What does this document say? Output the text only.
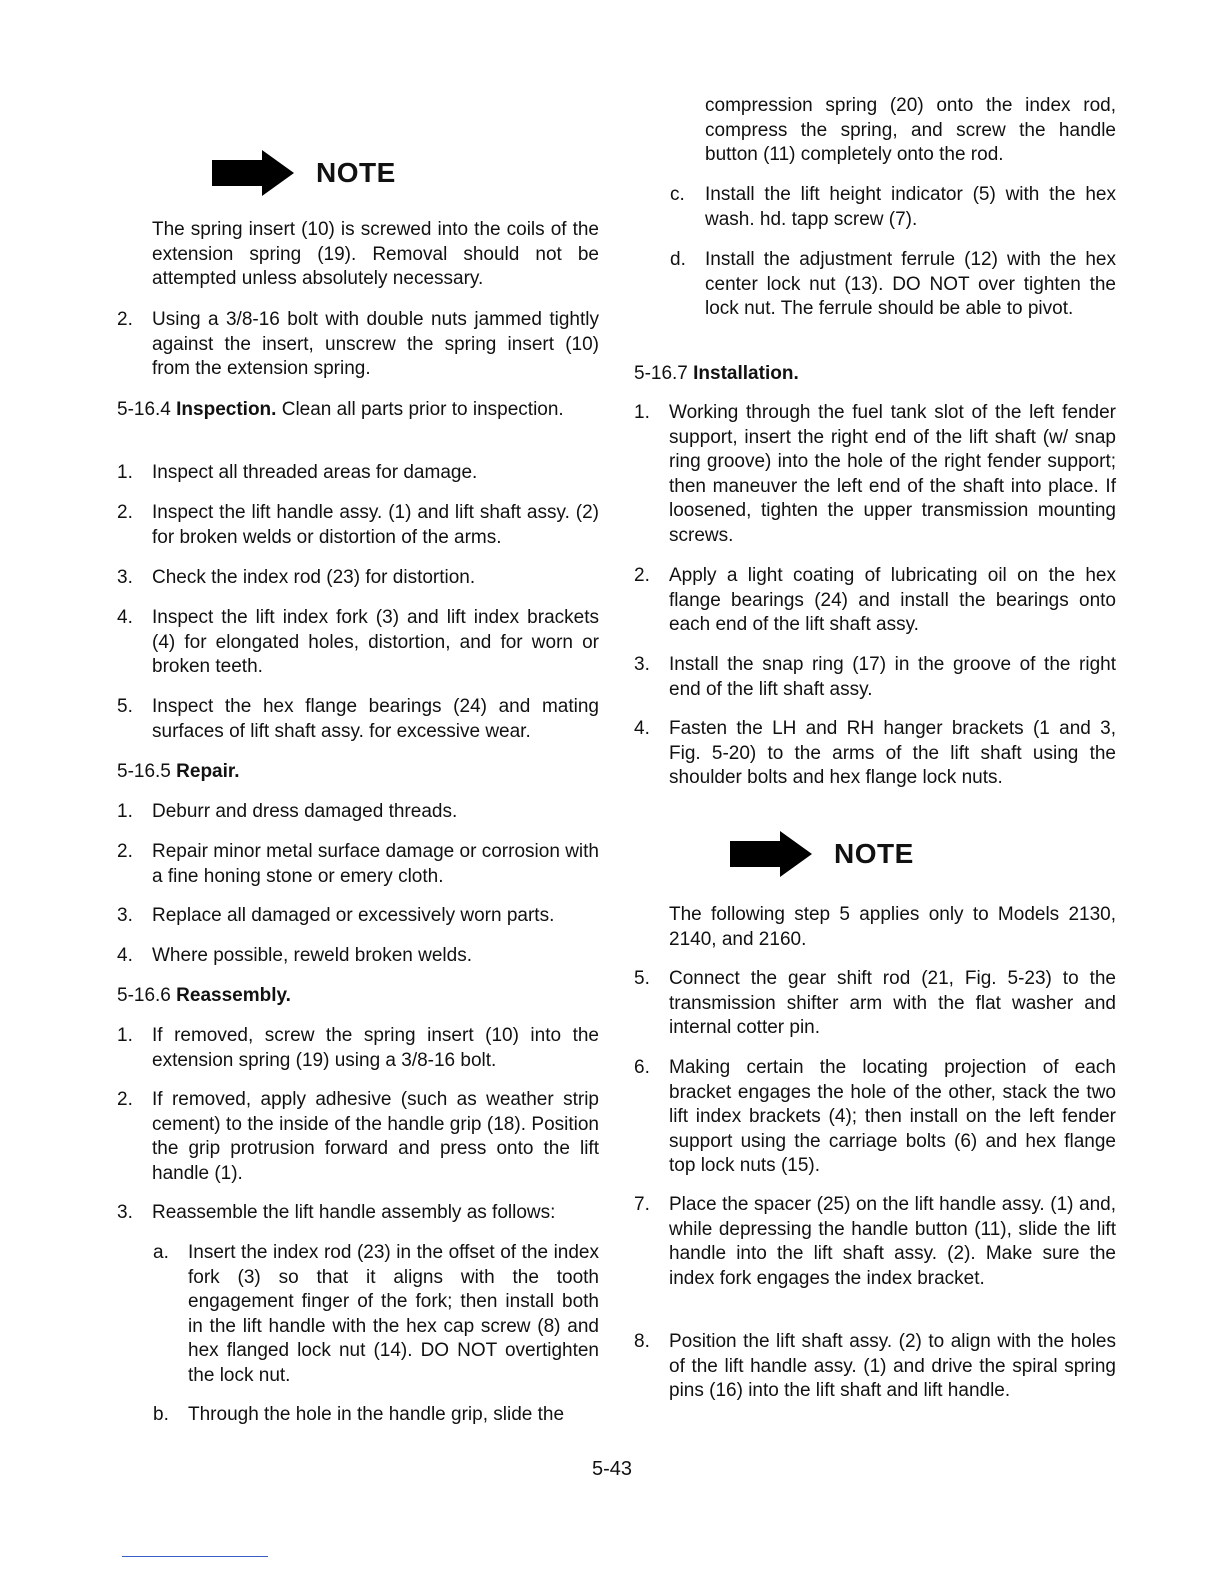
NOTE
The spring insert (10) is screwed into the coils of the extension spring (19). Removal should not be attempted unless absolutely necessary.
2. Using a 3/8-16 bolt with double nuts jammed tightly against the insert, unscrew the spring insert (10) from the extension spring.
5-16.4 Inspection. Clean all parts prior to inspection.
1. Inspect all threaded areas for damage.
2. Inspect the lift handle assy. (1) and lift shaft assy. (2) for broken welds or distortion of the arms.
3. Check the index rod (23) for distortion.
4. Inspect the lift index fork (3) and lift index brackets (4) for elongated holes, distortion, and for worn or broken teeth.
5. Inspect the hex flange bearings (24) and mating surfaces of lift shaft assy. for excessive wear.
5-16.5 Repair.
1. Deburr and dress damaged threads.
2. Repair minor metal surface damage or corrosion with a fine honing stone or emery cloth.
3. Replace all damaged or excessively worn parts.
4. Where possible, reweld broken welds.
5-16.6 Reassembly.
1. If removed, screw the spring insert (10) into the extension spring (19) using a 3/8-16 bolt.
2. If removed, apply adhesive (such as weather strip cement) to the inside of the handle grip (18). Position the grip protrusion forward and press onto the lift handle (1).
3. Reassemble the lift handle assembly as follows:
a. Insert the index rod (23) in the offset of the index fork (3) so that it aligns with the tooth engagement finger of the fork; then install both in the lift handle with the hex cap screw (8) and hex flanged lock nut (14). DO NOT overtighten the lock nut.
b. Through the hole in the handle grip, slide the
compression spring (20) onto the index rod, compress the spring, and screw the handle button (11) completely onto the rod.
c. Install the lift height indicator (5) with the hex wash. hd. tapp screw (7).
d. Install the adjustment ferrule (12) with the hex center lock nut (13). DO NOT over tighten the lock nut. The ferrule should be able to pivot.
5-16.7 Installation.
1. Working through the fuel tank slot of the left fender support, insert the right end of the lift shaft (w/ snap ring groove) into the hole of the right fender support; then maneuver the left end of the shaft into place. If loosened, tighten the upper transmission mounting screws.
2. Apply a light coating of lubricating oil on the hex flange bearings (24) and install the bearings onto each end of the lift shaft assy.
3. Install the snap ring (17) in the groove of the right end of the lift shaft assy.
4. Fasten the LH and RH hanger brackets (1 and 3, Fig. 5-20) to the arms of the lift shaft using the shoulder bolts and hex flange lock nuts.
NOTE
The following step 5 applies only to Models 2130, 2140, and 2160.
5. Connect the gear shift rod (21, Fig. 5-23) to the transmission shifter arm with the flat washer and internal cotter pin.
6. Making certain the locating projection of each bracket engages the hole of the other, stack the two lift index brackets (4); then install on the left fender support using the carriage bolts (6) and hex flange top lock nuts (15).
7. Place the spacer (25) on the lift handle assy. (1) and, while depressing the handle button (11), slide the lift handle into the lift shaft assy. (2). Make sure the index fork engages the index bracket.
8. Position the lift shaft assy. (2) to align with the holes of the lift handle assy. (1) and drive the spiral spring pins (16) into the lift shaft and lift handle.
5-43
